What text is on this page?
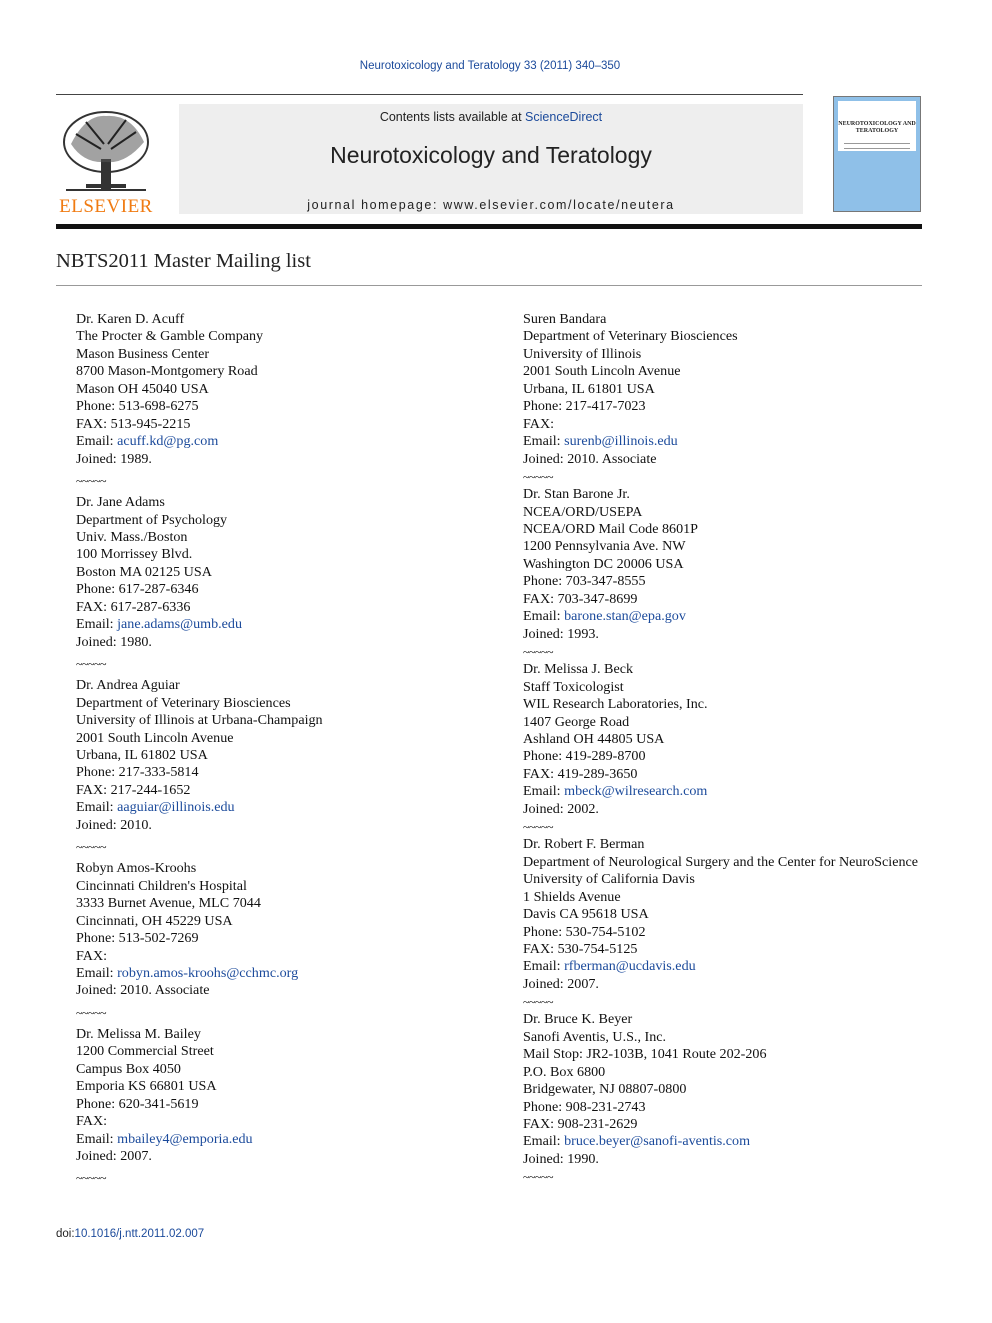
Neurotoxicology and Teratology 33 (2011) 340–350
ELSEVIER
Contents lists available at ScienceDirect
Neurotoxicology and Teratology
journal homepage: www.elsevier.com/locate/neutera
NEUROTOXICOLOGY AND TERATOLOGY
NBTS2011 Master Mailing list
Dr. Karen D. Acuff
The Procter & Gamble Company
Mason Business Center
8700 Mason-Montgomery Road
Mason OH 45040 USA
Phone: 513-698-6275
FAX: 513-945-2215
Email: acuff.kd@pg.com
Joined: 1989.
~~~~~
Dr. Jane Adams
Department of Psychology
Univ. Mass./Boston
100 Morrissey Blvd.
Boston MA 02125 USA
Phone: 617-287-6346
FAX: 617-287-6336
Email: jane.adams@umb.edu
Joined: 1980.
~~~~~
Dr. Andrea Aguiar
Department of Veterinary Biosciences
University of Illinois at Urbana-Champaign
2001 South Lincoln Avenue
Urbana, IL 61802 USA
Phone: 217-333-5814
FAX: 217-244-1652
Email: aaguiar@illinois.edu
Joined: 2010.
~~~~~
Robyn Amos-Kroohs
Cincinnati Children's Hospital
3333 Burnet Avenue, MLC 7044
Cincinnati, OH 45229 USA
Phone: 513-502-7269
FAX:
Email: robyn.amos-kroohs@cchmc.org
Joined: 2010. Associate
~~~~~
Dr. Melissa M. Bailey
1200 Commercial Street
Campus Box 4050
Emporia KS 66801 USA
Phone: 620-341-5619
FAX:
Email: mbailey4@emporia.edu
Joined: 2007.
~~~~~
Suren Bandara
Department of Veterinary Biosciences
University of Illinois
2001 South Lincoln Avenue
Urbana, IL 61801 USA
Phone: 217-417-7023
FAX:
Email: surenb@illinois.edu
Joined: 2010. Associate
~~~~~
Dr. Stan Barone Jr.
NCEA/ORD/USEPA
NCEA/ORD Mail Code 8601P
1200 Pennsylvania Ave. NW
Washington DC 20006 USA
Phone: 703-347-8555
FAX: 703-347-8699
Email: barone.stan@epa.gov
Joined: 1993.
~~~~~
Dr. Melissa J. Beck
Staff Toxicologist
WIL Research Laboratories, Inc.
1407 George Road
Ashland OH 44805 USA
Phone: 419-289-8700
FAX: 419-289-3650
Email: mbeck@wilresearch.com
Joined: 2002.
~~~~~
Dr. Robert F. Berman
Department of Neurological Surgery and the Center for NeuroScience
University of California Davis
1 Shields Avenue
Davis CA 95618 USA
Phone: 530-754-5102
FAX: 530-754-5125
Email: rfberman@ucdavis.edu
Joined: 2007.
~~~~~
Dr. Bruce K. Beyer
Sanofi Aventis, U.S., Inc.
Mail Stop: JR2-103B, 1041 Route 202-206
P.O. Box 6800
Bridgewater, NJ 08807-0800
Phone: 908-231-2743
FAX: 908-231-2629
Email: bruce.beyer@sanofi-aventis.com
Joined: 1990.
~~~~~
doi:10.1016/j.ntt.2011.02.007
